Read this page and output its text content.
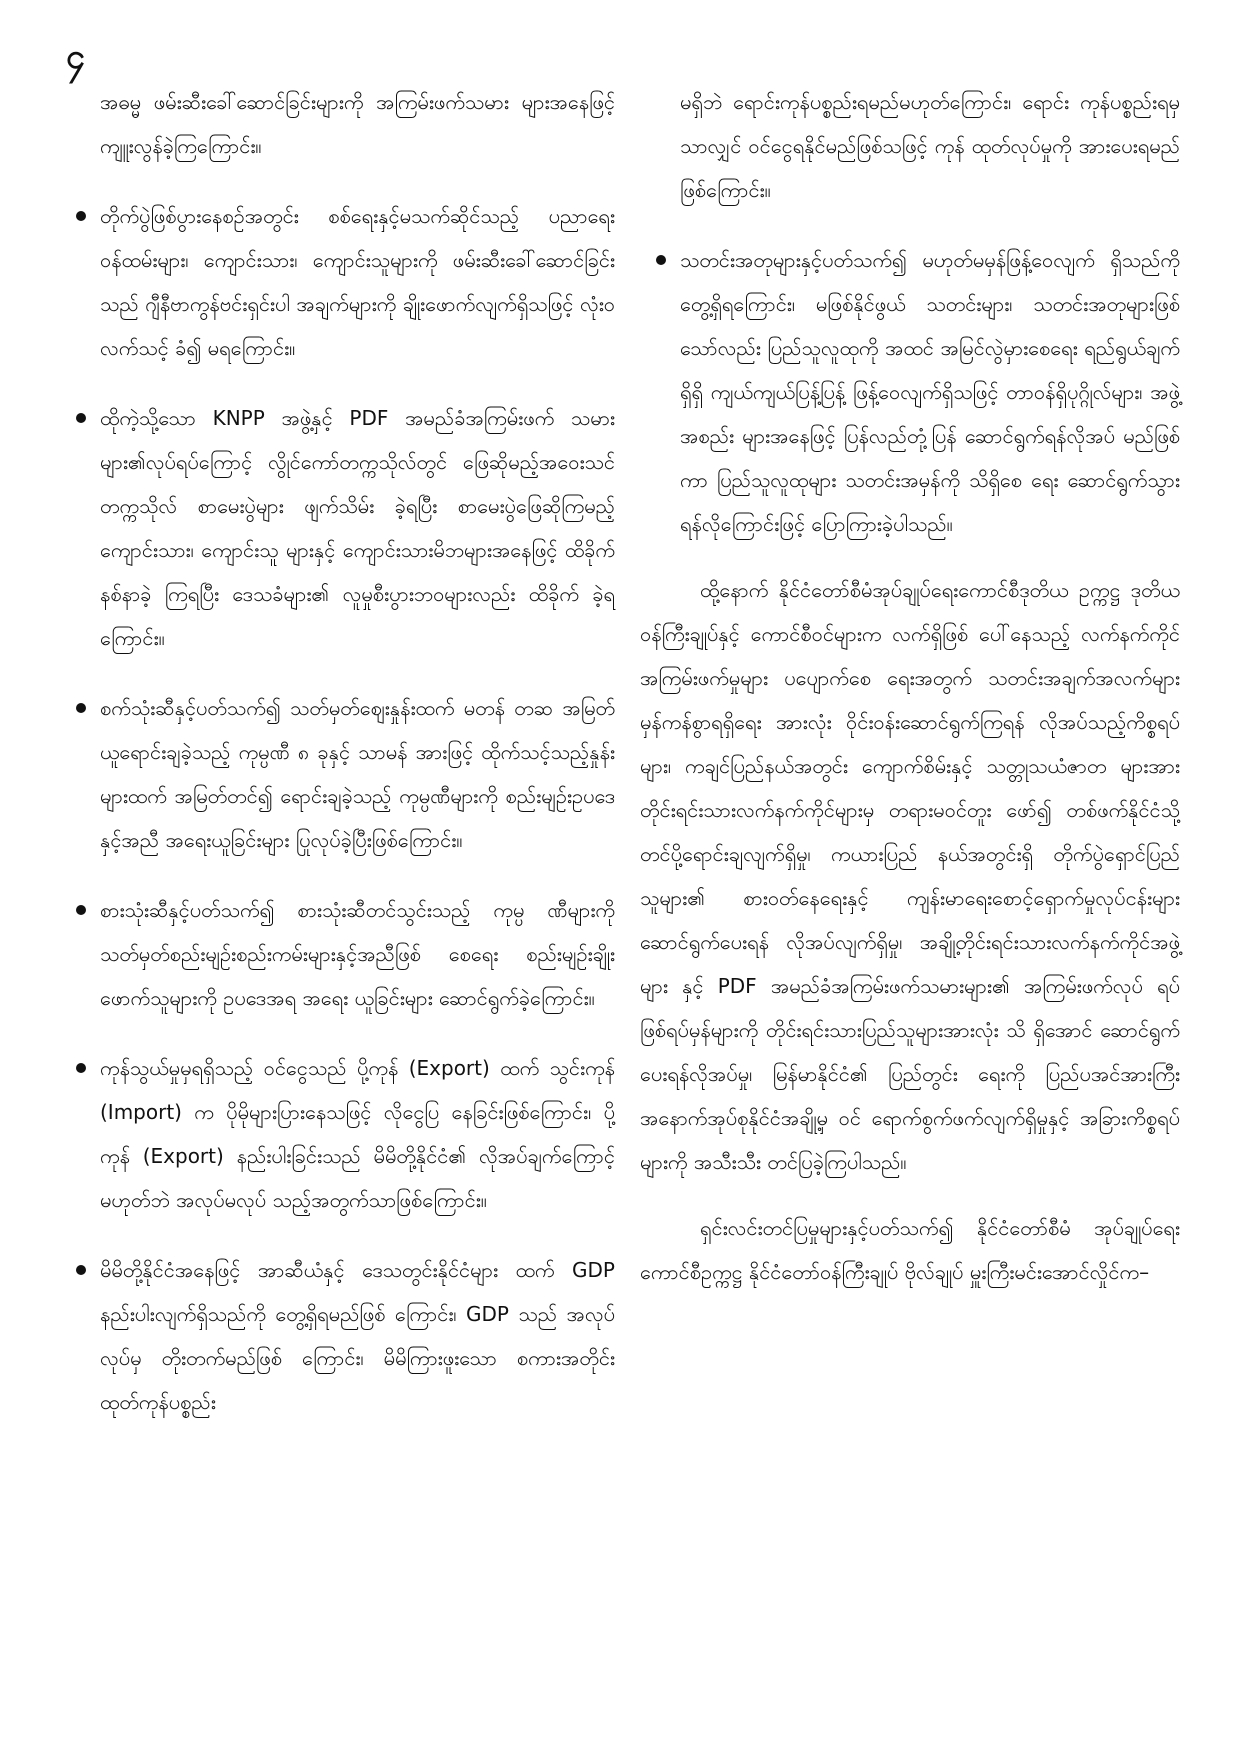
၄

အဓမ္မ ဖမ်းဆီးခေါ်ဆောင်ခြင်းများကို အကြမ်းဖက်သမား များအနေဖြင့် ကျူးလွန်ခဲ့ကြကြောင်း။

တိုက်ပွဲဖြစ်ပွားနေစဉ်အတွင်း စစ်ရေးနှင့်မသက်ဆိုင်သည့် ပညာရေးဝန်ထမ်းများ၊ ကျောင်းသား၊ ကျောင်းသူများကို ဖမ်းဆီးခေါ်ဆောင်ခြင်းသည် ဂျီနီဗာကွန်ဗင်းရှင်းပါ အချက်များကို ချိုးဖောက်လျက်ရှိသဖြင့် လုံးဝလက်သင့် ခံ၍ မရကြောင်း။

ထိုကဲ့သို့သော KNPP အဖွဲ့နှင့် PDF အမည်ခံအကြမ်းဖက် သမားများ၏လုပ်ရပ်ကြောင့် လွိုင်ကော်တက္ကသိုလ်တွင် ဖြေဆိုမည့်အဝေးသင်တက္ကသိုလ် စာမေးပွဲများ ဖျက်သိမ်း ခဲ့ရပြီး စာမေးပွဲဖြေဆိုကြမည့် ကျောင်းသား၊ ကျောင်းသူ များနှင့် ကျောင်းသားမိဘများအနေဖြင့် ထိခိုက်နစ်နာခဲ့ ကြရပြီး ဒေသခံများ၏ လူမှုစီးပွားဘဝများလည်း ထိခိုက် ခဲ့ရကြောင်း။

စက်သုံးဆီနှင့်ပတ်သက်၍ သတ်မှတ်ဈေးနှုန်းထက် မတန် တဆ အမြတ်ယူရောင်းချခဲ့သည့် ကုမ္ပဏီ ၈ ခုနှင့် သာမန် အားဖြင့် ထိုက်သင့်သည့်နှုန်းများထက် အမြတ်တင်၍ ရောင်းချခဲ့သည့် ကုမ္ပဏီများကို စည်းမျဉ်းဥပဒေနှင့်အညီ အရေးယူခြင်းများ ပြုလုပ်ခဲ့ပြီးဖြစ်ကြောင်း။

စားသုံးဆီနှင့်ပတ်သက်၍ စားသုံးဆီတင်သွင်းသည့် ကုမ္ပ ဏီများကို သတ်မှတ်စည်းမျဉ်းစည်းကမ်းများနှင့်အညီဖြစ် စေရေး စည်းမျဉ်းချိုးဖောက်သူများကို ဥပဒေအရ အရေး ယူခြင်းများ ဆောင်ရွက်ခဲ့ကြောင်း။

ကုန်သွယ်မှုမှရရှိသည့် ဝင်ငွေသည် ပို့ကုန် (Export) ထက် သွင်းကုန် (Import) က ပိုမိုများပြားနေသဖြင့် လိုငွေပြ နေခြင်းဖြစ်ကြောင်း၊ ပို့ကုန် (Export) နည်းပါးခြင်းသည် မိမိတို့နိုင်ငံ၏ လိုအပ်ချက်ကြောင့်မဟုတ်ဘဲ အလုပ်မလုပ် သည့်အတွက်သာဖြစ်ကြောင်း။

မိမိတို့နိုင်ငံအနေဖြင့် အာဆီယံနှင့် ဒေသတွင်းနိုင်ငံများ ထက် GDP နည်းပါးလျက်ရှိသည်ကို တွေ့ရှိရမည်ဖြစ် ကြောင်း၊ GDP သည် အလုပ်လုပ်မှ တိုးတက်မည်ဖြစ် ကြောင်း၊ မိမိကြားဖူးသော စကားအတိုင်း ထုတ်ကုန်ပစ္စည်း

မရှိဘဲ ရောင်းကုန်ပစ္စည်းရမည်မဟုတ်ကြောင်း၊ ရောင်း ကုန်ပစ္စည်းရမှသာလျှင် ဝင်ငွေရနိုင်မည်ဖြစ်သဖြင့် ကုန် ထုတ်လုပ်မှုကို အားပေးရမည်ဖြစ်ကြောင်း။

သတင်းအတုများနှင့်ပတ်သက်၍ မဟုတ်မမှန်ဖြန့်ဝေလျက် ရှိသည်ကို တွေ့ရှိရကြောင်း၊ မဖြစ်နိုင်ဖွယ် သတင်းများ၊ သတင်းအတုများဖြစ်သော်လည်း ပြည်သူလူထုကို အထင် အမြင်လွဲမှားစေရေး ရည်ရွယ်ချက်ရှိရှိ ကျယ်ကျယ်ပြန့်ပြန့် ဖြန့်ဝေလျက်ရှိသဖြင့် တာဝန်ရှိပုဂ္ဂိုလ်များ၊ အဖွဲ့အစည်း များအနေဖြင့် ပြန်လည်တုံ့ပြန် ဆောင်ရွက်ရန်လိုအပ် မည်ဖြစ်ကာ ပြည်သူလူထုများ သတင်းအမှန်ကို သိရှိစေ ရေး ဆောင်ရွက်သွားရန်လိုကြောင်းဖြင့် ပြောကြားခဲ့ပါသည်။

ထို့နောက် နိုင်ငံတော်စီမံအုပ်ချုပ်ရေးကောင်စီဒုတိယ ဥက္ကဋ္ဌ ဒုတိယဝန်ကြီးချုပ်နှင့် ကောင်စီဝင်များက လက်ရှိဖြစ် ပေါ်နေသည့် လက်နက်ကိုင်အကြမ်းဖက်မှုများ ပပျောက်စေ ရေးအတွက် သတင်းအချက်အလက်များ မှန်ကန်စွာရရှိရေး အားလုံး ဝိုင်းဝန်းဆောင်ရွက်ကြရန် လိုအပ်သည့်ကိစ္စရပ်များ၊ ကချင်ပြည်နယ်အတွင်း ကျောက်စိမ်းနှင့် သတ္တုသယံဇာတ များအား တိုင်းရင်းသားလက်နက်ကိုင်များမှ တရားမဝင်တူး ဖော်၍ တစ်ဖက်နိုင်ငံသို့ တင်ပို့ရောင်းချလျက်ရှိမှု၊ ကယားပြည် နယ်အတွင်းရှိ တိုက်ပွဲရှောင်ပြည်သူများ၏ စားဝတ်နေရေးနှင့် ကျန်းမာရေးစောင့်ရှောက်မှုလုပ်ငန်းများ ဆောင်ရွက်ပေးရန် လိုအပ်လျက်ရှိမှု၊ အချို့တိုင်းရင်းသားလက်နက်ကိုင်အဖွဲ့များ နှင့် PDF အမည်ခံအကြမ်းဖက်သမားများ၏ အကြမ်းဖက်လုပ် ရပ်ဖြစ်ရပ်မှန်များကို တိုင်းရင်းသားပြည်သူများအားလုံး သိ ရှိအောင် ဆောင်ရွက်ပေးရန်လိုအပ်မှု၊ မြန်မာနိုင်ငံ၏ ပြည်တွင်း ရေးကို ပြည်ပအင်အားကြီးအနောက်အုပ်စုနိုင်ငံအချို့မှ ဝင် ရောက်စွက်ဖက်လျက်ရှိမှုနှင့် အခြားကိစ္စရပ်များကို အသီးသီး တင်ပြခဲ့ကြပါသည်။

ရှင်းလင်းတင်ပြမှုများနှင့်ပတ်သက်၍ နိုင်ငံတော်စီမံ အုပ်ချုပ်ရေးကောင်စီဥက္ကဋ္ဌ နိုင်ငံတော်ဝန်ကြီးချုပ် ဗိုလ်ချုပ် မှူးကြီးမင်းအောင်လှိုင်က–
